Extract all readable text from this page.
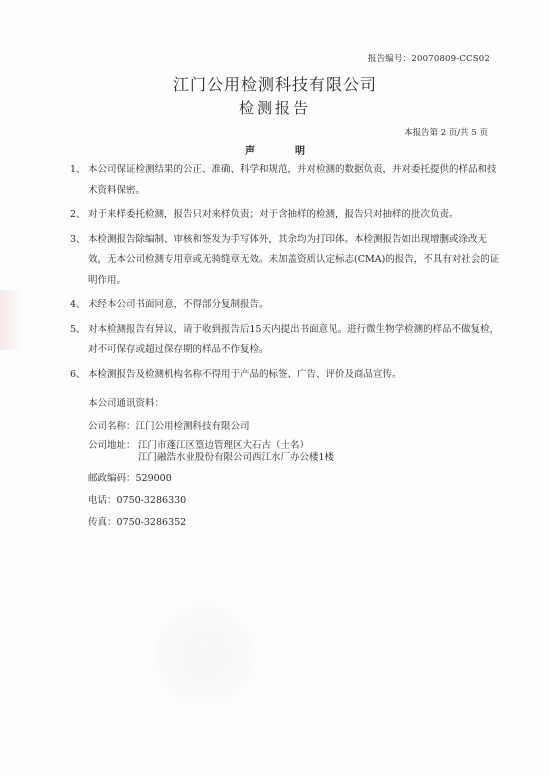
报告编号：20070809-CCS02
江门公用检测科技有限公司
检测报告
本报告第 2 页/共 5 页
声	明
1、 本公司保证检测结果的公正、准确、科学和规范，并对检测的数据负责，并对委托提供的样品和技术资料保密。
2、 对于来样委托检测，报告只对来样负责；对于含抽样的检测，报告只对抽样的批次负责。
3、 本检测报告除编制、审核和签发为手写体外，其余均为打印体。本检测报告如出现增删或涂改无效，无本公司检测专用章或无骑缝章无效。未加盖资质认定标志(CMA)的报告，不具有对社会的证明作用。
4、 未经本公司书面同意，不得部分复制报告。
5、 对本检测报告有异议，请于收到报告后15天内提出书面意见。进行微生物学检测的样品不做复检，对不可保存或超过保存期的样品不作复检。
6、 本检测报告及检测机构名称不得用于产品的标签、广告、评价及商品宣传。
本公司通讯资料：
公司名称：江门公用检测科技有限公司
公司地址： 江门市蓬江区篁边管理区大石古（土名）
江门融浩水业股份有限公司西江水厂办公楼1楼
邮政编码：529000
电话：0750-3286330
传真：0750-3286352
